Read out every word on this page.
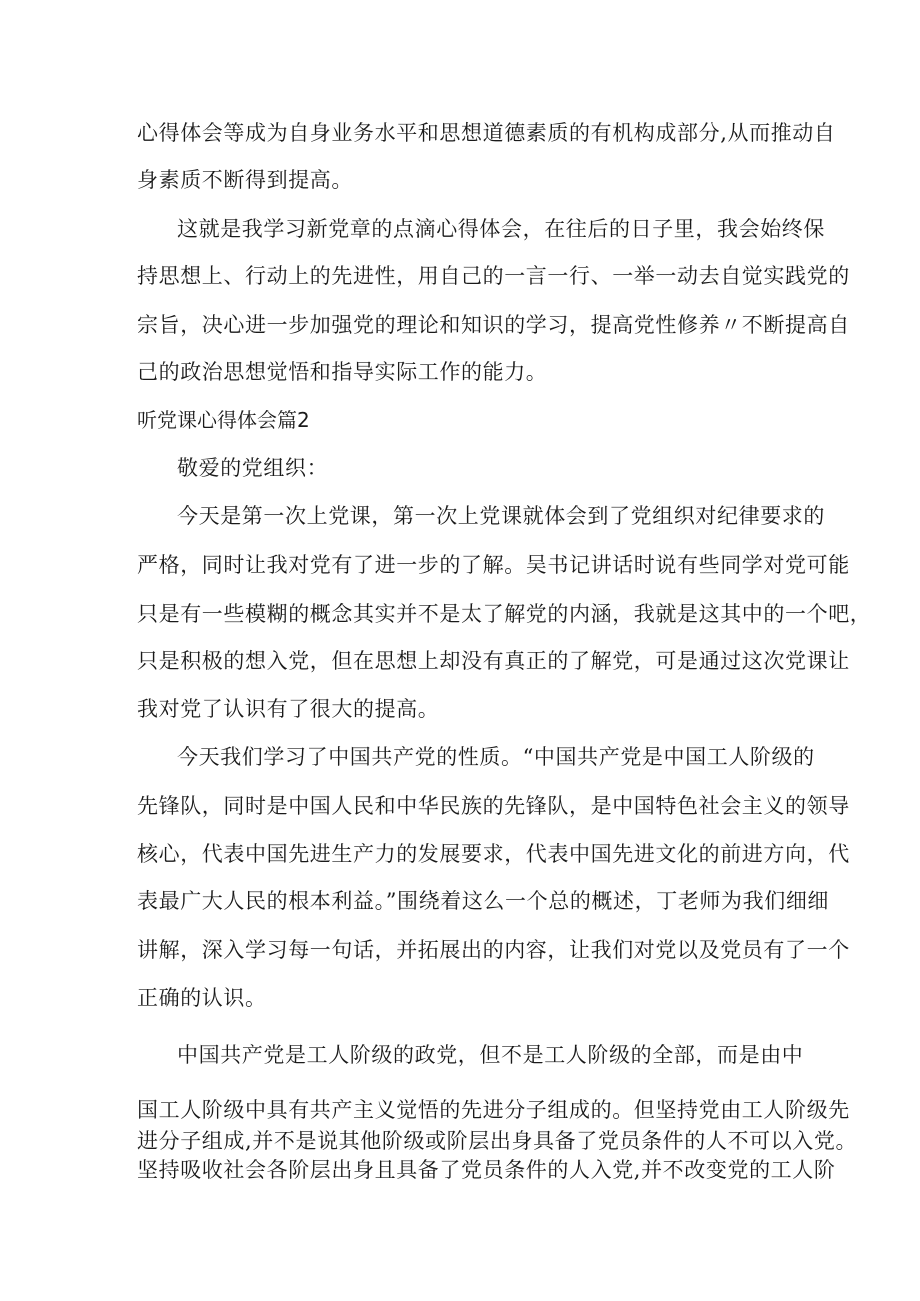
心得体会等成为自身业务水平和思想道德素质的有机构成部分,从而推动自
身素质不断得到提高。
这就是我学习新党章的点滴心得体会，在往后的日子里，我会始终保
持思想上、行动上的先进性，用自己的一言一行、一举一动去自觉实践党的
宗旨，决心进一步加强党的理论和知识的学习，提高党性修养〃不断提高自
己的政治思想觉悟和指导实际工作的能力。
听党课心得体会篇2
敬爱的党组织：
今天是第一次上党课，第一次上党课就体会到了党组织对纪律要求的
严格，同时让我对党有了进一步的了解。吴书记讲话时说有些同学对党可能
只是有一些模糊的概念其实并不是太了解党的内涵，我就是这其中的一个吧，
只是积极的想入党，但在思想上却没有真正的了解党，可是通过这次党课让
我对党了认识有了很大的提高。
今天我们学习了中国共产党的性质。“中国共产党是中国工人阶级的
先锋队，同时是中国人民和中华民族的先锋队，是中国特色社会主义的领导
核心，代表中国先进生产力的发展要求，代表中国先进文化的前进方向，代
表最广大人民的根本利益。”围绕着这么一个总的概述，丁老师为我们细细
讲解，深入学习每一句话，并拓展出的内容，让我们对党以及党员有了一个
正确的认识。
中国共产党是工人阶级的政党，但不是工人阶级的全部，而是由中
国工人阶级中具有共产主义觉悟的先进分子组成的。但坚持党由工人阶级先
进分子组成,并不是说其他阶级或阶层出身具备了党员条件的人不可以入党。
坚持吸收社会各阶层出身且具备了党员条件的人入党,并不改变党的工人阶
